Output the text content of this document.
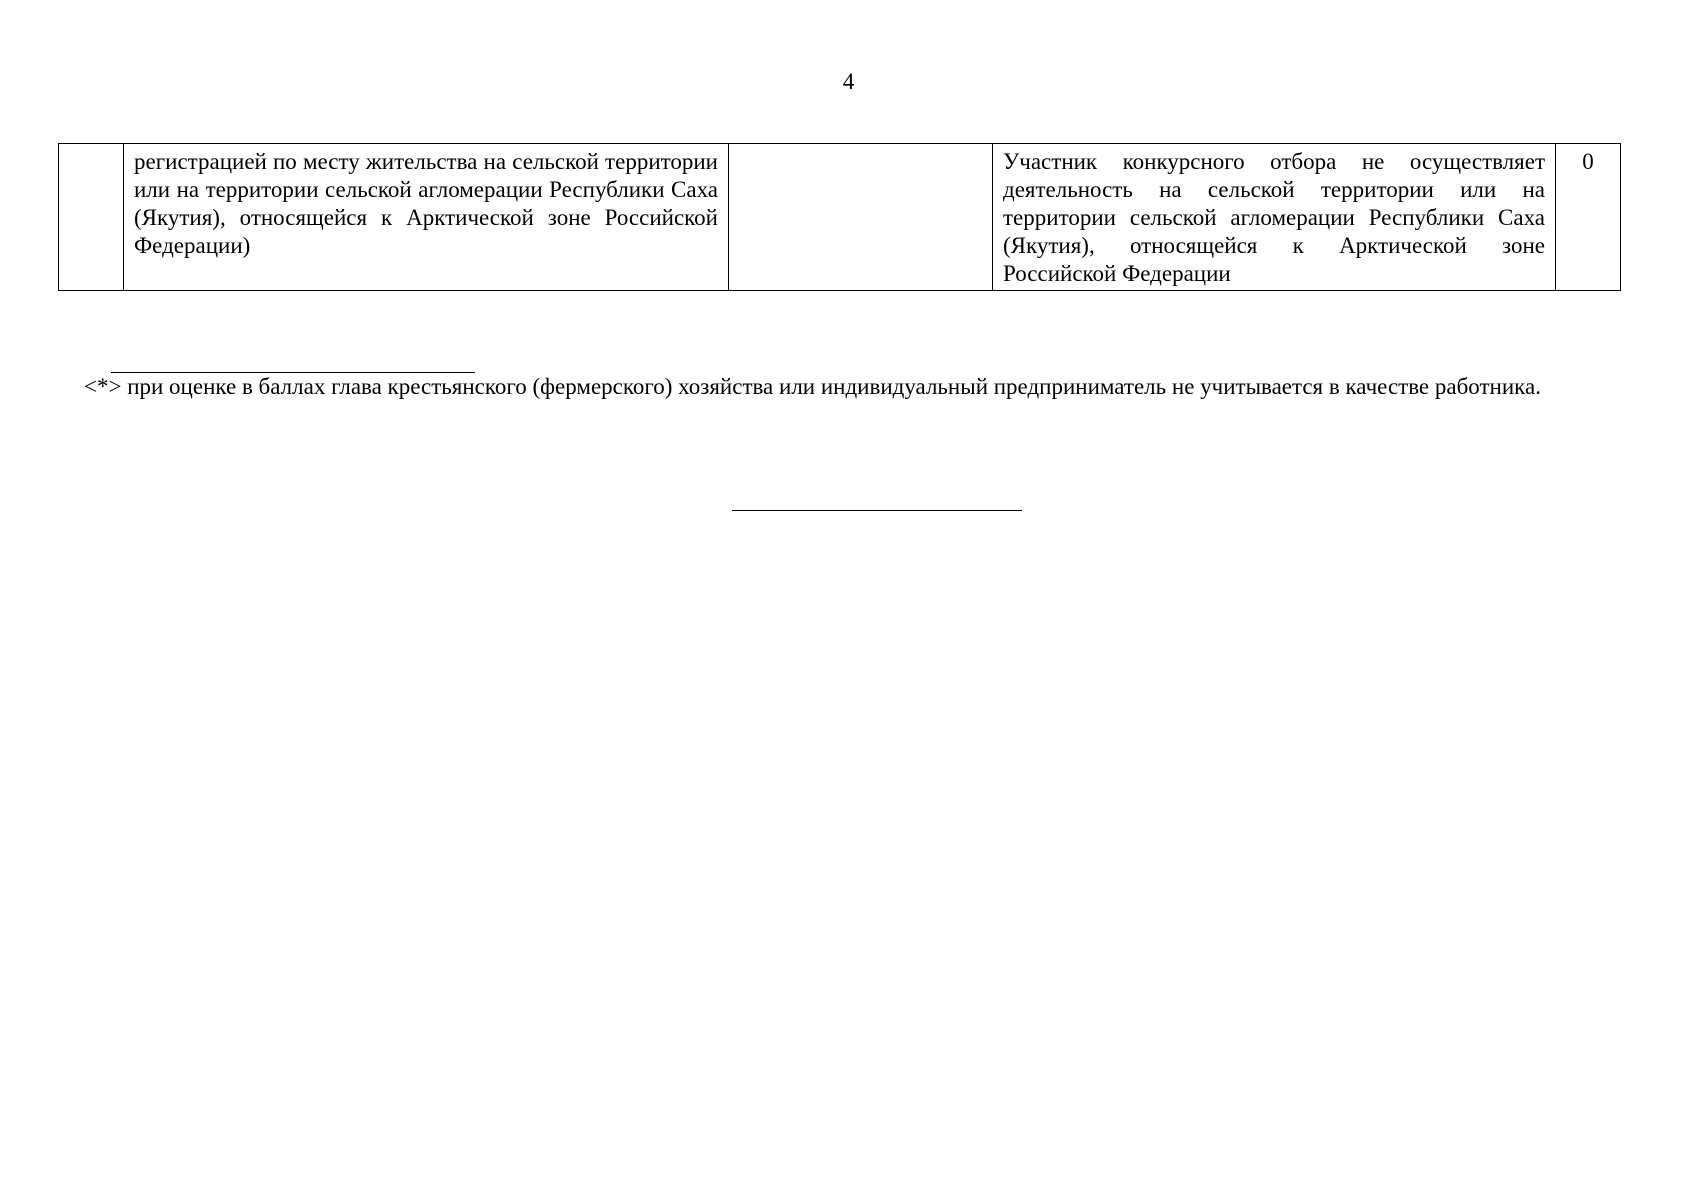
4
	регистрацией по месту жительства на сельской территории или на территории сельской агломерации Республики Саха (Якутия), относящейся к Арктической зоне Российской Федерации)		Участник конкурсного отбора не осуществляет деятельность на сельской территории или на территории сельской агломерации Республики Саха (Якутия), относящейся к Арктической зоне Российской Федерации	0
<*> при оценке в баллах глава крестьянского (фермерского) хозяйства или индивидуальный предприниматель не учитывается в качестве работника.
